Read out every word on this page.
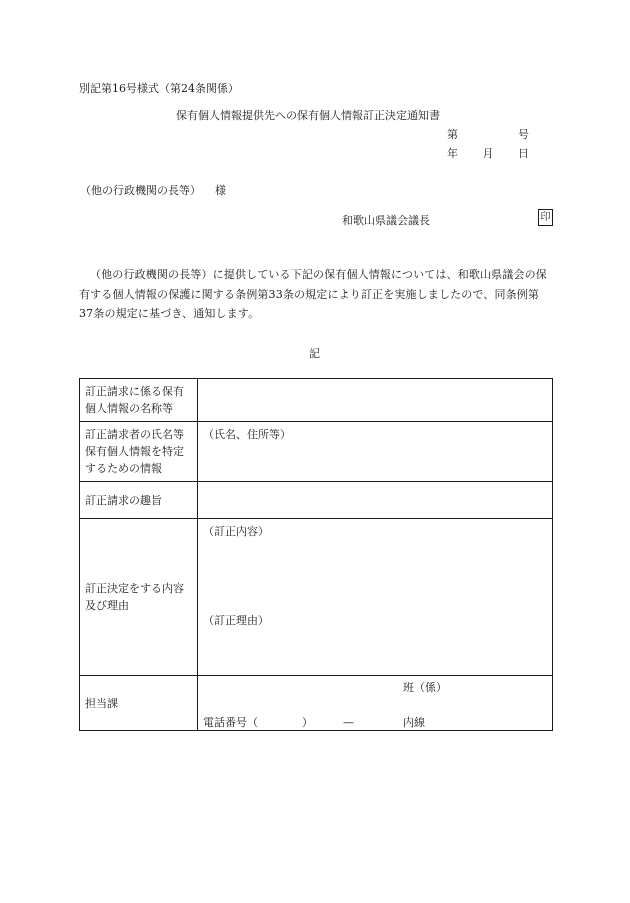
別記第16号様式（第24条関係）
保有個人情報提供先への保有個人情報訂正決定通知書
第	号
年 月 日
（他の行政機関の長等） 様
和歌山県議会議長	印
（他の行政機関の長等）に提供している下記の保有個人情報については、和歌山県議会の保有する個人情報の保護に関する条例第33条の規定により訂正を実施しましたので、同条例第37条の規定に基づき、通知します。
記
訂正請求に係る保有個人情報の名称等	
訂正請求者の氏名等保有個人情報を特定するための情報	（氏名、住所等）
訂正請求の趣旨	
訂正決定をする内容及び理由	（訂正内容）
（訂正理由）

担当課	班（係）
電話番号（ ） — 内線
